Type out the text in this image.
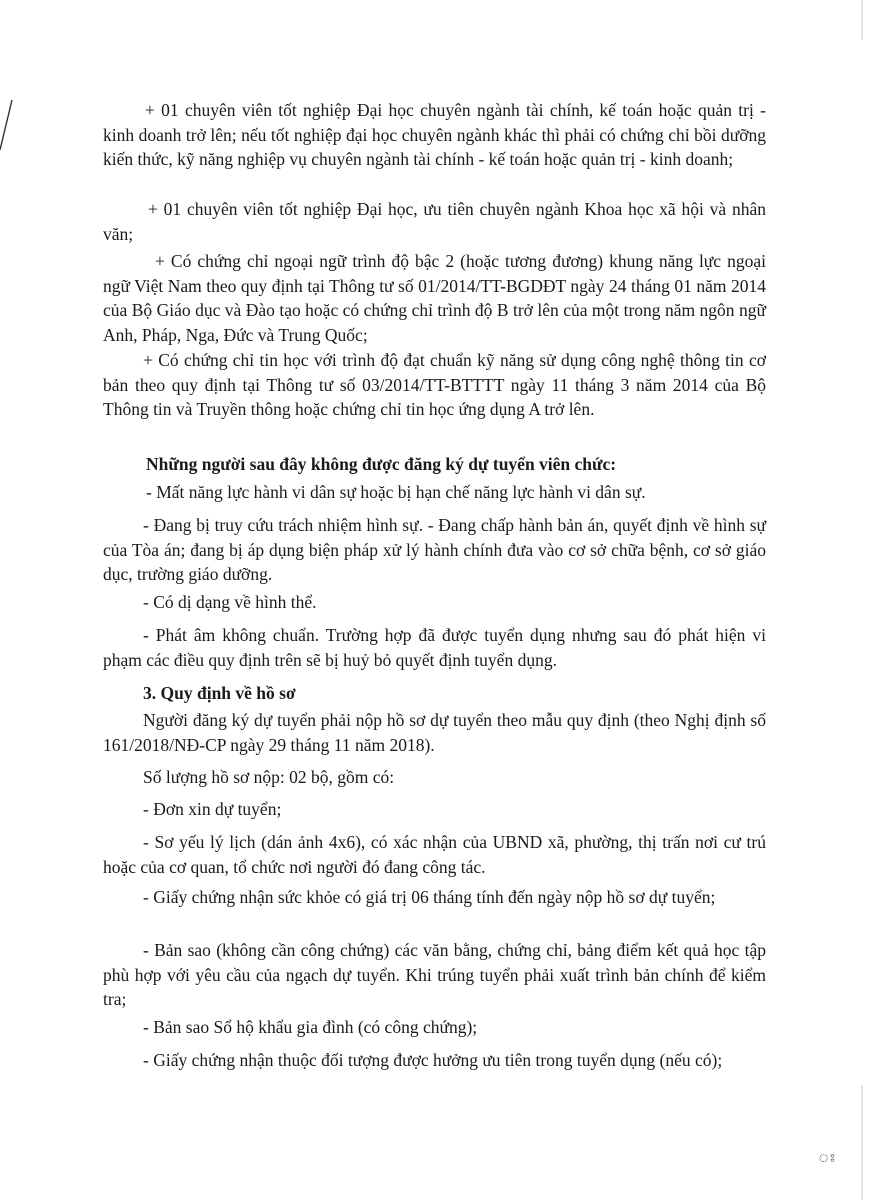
+ 01 chuyên viên tốt nghiệp Đại học chuyên ngành tài chính, kế toán hoặc quản trị - kinh doanh trở lên; nếu tốt nghiệp đại học chuyên ngành khác thì phải có chứng chỉ bồi dưỡng kiến thức, kỹ năng nghiệp vụ chuyên ngành tài chính - kế toán hoặc quản trị - kinh doanh;

+ 01 chuyên viên tốt nghiệp Đại học, ưu tiên chuyên ngành Khoa học xã hội và nhân văn;

+ Có chứng chỉ ngoại ngữ trình độ bậc 2 (hoặc tương đương) khung năng lực ngoại ngữ Việt Nam theo quy định tại Thông tư số 01/2014/TT-BGDĐT ngày 24 tháng 01 năm 2014 của Bộ Giáo dục và Đào tạo hoặc có chứng chỉ trình độ B trở lên của một trong năm ngôn ngữ Anh, Pháp, Nga, Đức và Trung Quốc;

+ Có chứng chỉ tin học với trình độ đạt chuẩn kỹ năng sử dụng công nghệ thông tin cơ bản theo quy định tại Thông tư số 03/2014/TT-BTTTT ngày 11 tháng 3 năm 2014 của Bộ Thông tin và Truyền thông hoặc chứng chỉ tin học ứng dụng A trở lên.

Những người sau đây không được đăng ký dự tuyển viên chức:

- Mất năng lực hành vi dân sự hoặc bị hạn chế năng lực hành vi dân sự.

- Đang bị truy cứu trách nhiệm hình sự. - Đang chấp hành bản án, quyết định về hình sự của Tòa án; đang bị áp dụng biện pháp xử lý hành chính đưa vào cơ sở chữa bệnh, cơ sở giáo dục, trường giáo dưỡng.

- Có dị dạng về hình thể.

- Phát âm không chuẩn. Trường hợp đã được tuyển dụng nhưng sau đó phát hiện vi phạm các điều quy định trên sẽ bị huỷ bỏ quyết định tuyển dụng.

3. Quy định về hồ sơ

Người đăng ký dự tuyển phải nộp hồ sơ dự tuyển theo mẫu quy định (theo Nghị định số 161/2018/NĐ-CP ngày 29 tháng 11 năm 2018).

Số lượng hồ sơ nộp: 02 bộ, gồm có:

- Đơn xin dự tuyển;

- Sơ yếu lý lịch (dán ảnh 4x6), có xác nhận của UBND xã, phường, thị trấn nơi cư trú hoặc của cơ quan, tổ chức nơi người đó đang công tác.

- Giấy chứng nhận sức khỏe có giá trị 06 tháng tính đến ngày nộp hồ sơ dự tuyển;

- Bản sao (không cần công chứng) các văn bằng, chứng chỉ, bảng điểm kết quả học tập phù hợp với yêu cầu của ngạch dự tuyển. Khi trúng tuyển phải xuất trình bản chính để kiểm tra;

- Bản sao Sổ hộ khẩu gia đình (có công chứng);

- Giấy chứng nhận thuộc đối tượng được hưởng ưu tiên trong tuyển dụng (nếu có);

ঃ
